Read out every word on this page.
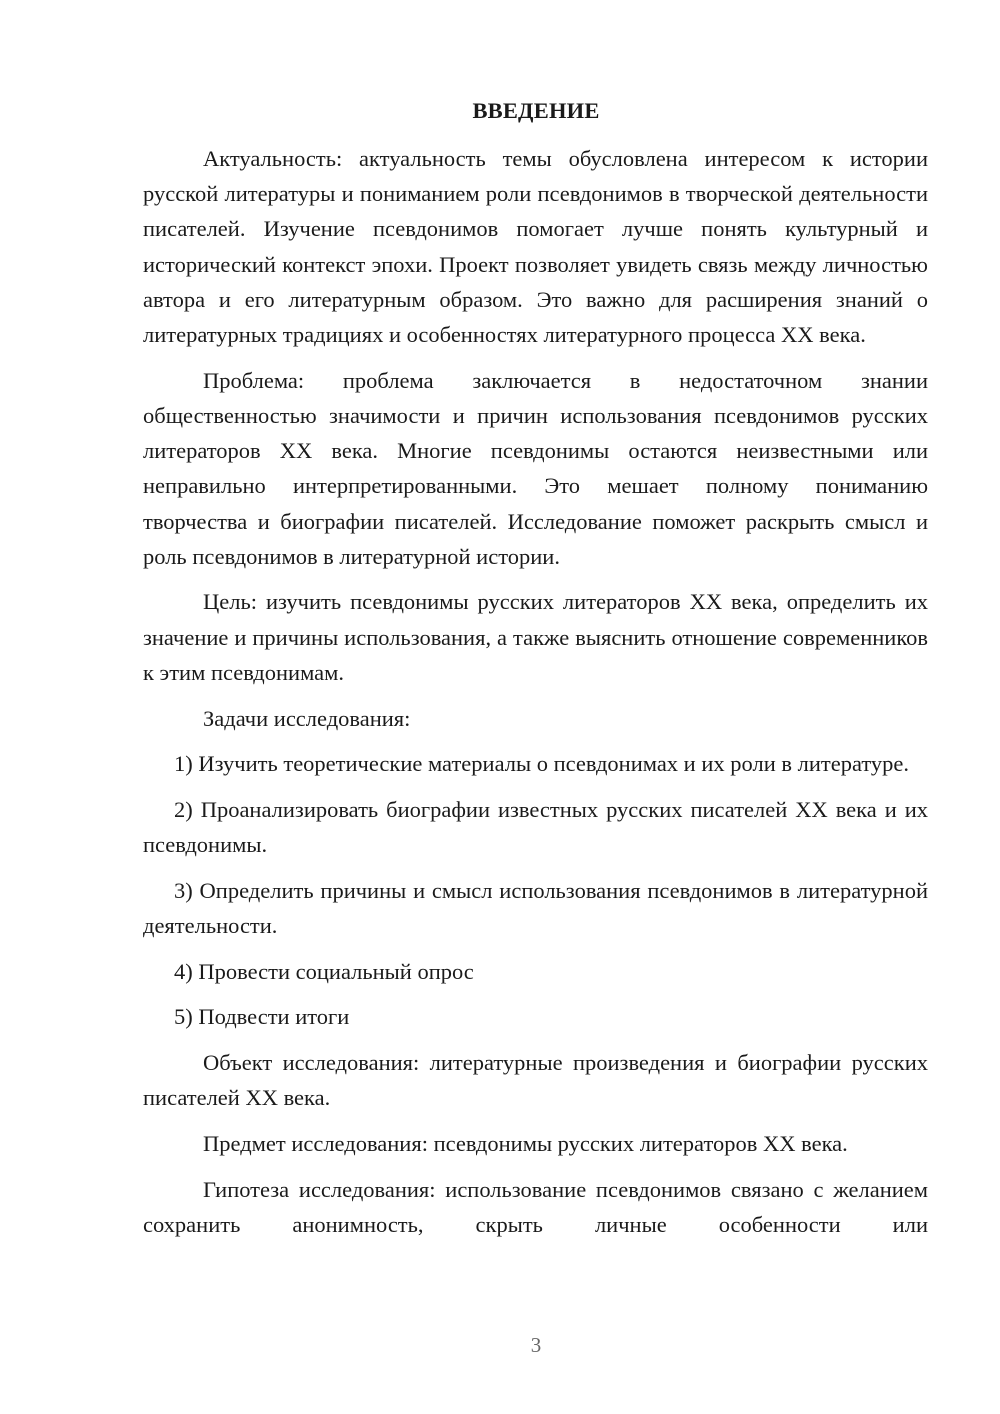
ВВЕДЕНИЕ

Актуальность: актуальность темы обусловлена интересом к истории русской литературы и пониманием роли псевдонимов в творческой деятельности писателей. Изучение псевдонимов помогает лучше понять культурный и исторический контекст эпохи. Проект позволяет увидеть связь между личностью автора и его литературным образом. Это важно для расширения знаний о литературных традициях и особенностях литературного процесса XX века.

Проблема: проблема заключается в недостаточном знании общественностью значимости и причин использования псевдонимов русских литераторов XX века. Многие псевдонимы остаются неизвестными или неправильно интерпретированными. Это мешает полному пониманию творчества и биографии писателей. Исследование поможет раскрыть смысл и роль псевдонимов в литературной истории.

Цель: изучить псевдонимы русских литераторов XX века, определить их значение и причины использования, а также выяснить отношение современников к этим псевдонимам.

Задачи исследования:

1) Изучить теоретические материалы о псевдонимах и их роли в литературе.

2) Проанализировать биографии известных русских писателей XX века и их псевдонимы.

3) Определить причины и смысл использования псевдонимов в литературной деятельности.

4) Провести социальный опрос

5) Подвести итоги

Объект исследования: литературные произведения и биографии русских писателей XX века.

Предмет исследования: псевдонимы русских литераторов XX века.

Гипотеза исследования: использование псевдонимов связано с желанием сохранить анонимность, скрыть личные особенности или

3
